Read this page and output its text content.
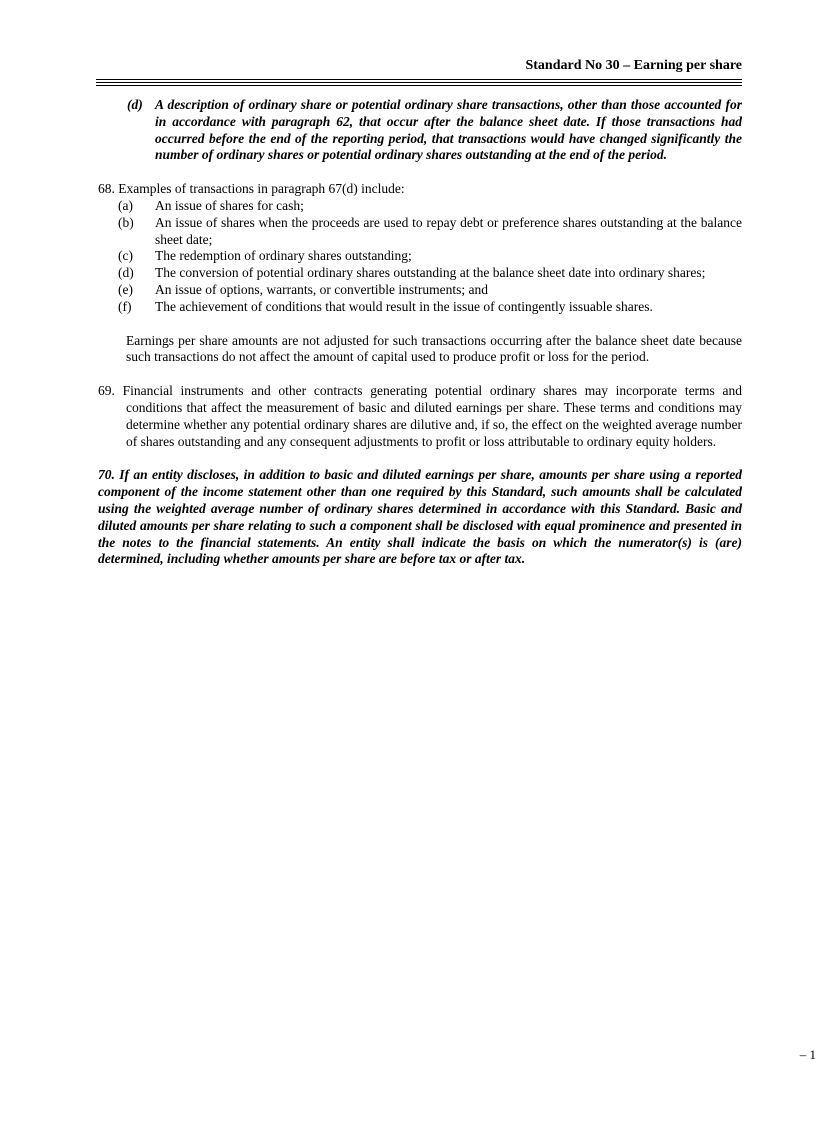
Standard No 30 – Earning per share
(d) A description of ordinary share or potential ordinary share transactions, other than those accounted for in accordance with paragraph 62, that occur after the balance sheet date. If those transactions had occurred before the end of the reporting period, that transactions would have changed significantly the number of ordinary shares or potential ordinary shares outstanding at the end of the period.
68. Examples of transactions in paragraph 67(d) include:
(a) An issue of shares for cash;
(b) An issue of shares when the proceeds are used to repay debt or preference shares outstanding at the balance sheet date;
(c) The redemption of ordinary shares outstanding;
(d) The conversion of potential ordinary shares outstanding at the balance sheet date into ordinary shares;
(e) An issue of options, warrants, or convertible instruments; and
(f) The achievement of conditions that would result in the issue of contingently issuable shares.
Earnings per share amounts are not adjusted for such transactions occurring after the balance sheet date because such transactions do not affect the amount of capital used to produce profit or loss for the period.
69. Financial instruments and other contracts generating potential ordinary shares may incorporate terms and conditions that affect the measurement of basic and diluted earnings per share. These terms and conditions may determine whether any potential ordinary shares are dilutive and, if so, the effect on the weighted average number of shares outstanding and any consequent adjustments to profit or loss attributable to ordinary equity holders.
70. If an entity discloses, in addition to basic and diluted earnings per share, amounts per share using a reported component of the income statement other than one required by this Standard, such amounts shall be calculated using the weighted average number of ordinary shares determined in accordance with this Standard. Basic and diluted amounts per share relating to such a component shall be disclosed with equal prominence and presented in the notes to the financial statements. An entity shall indicate the basis on which the numerator(s) is (are) determined, including whether amounts per share are before tax or after tax.
– 1
